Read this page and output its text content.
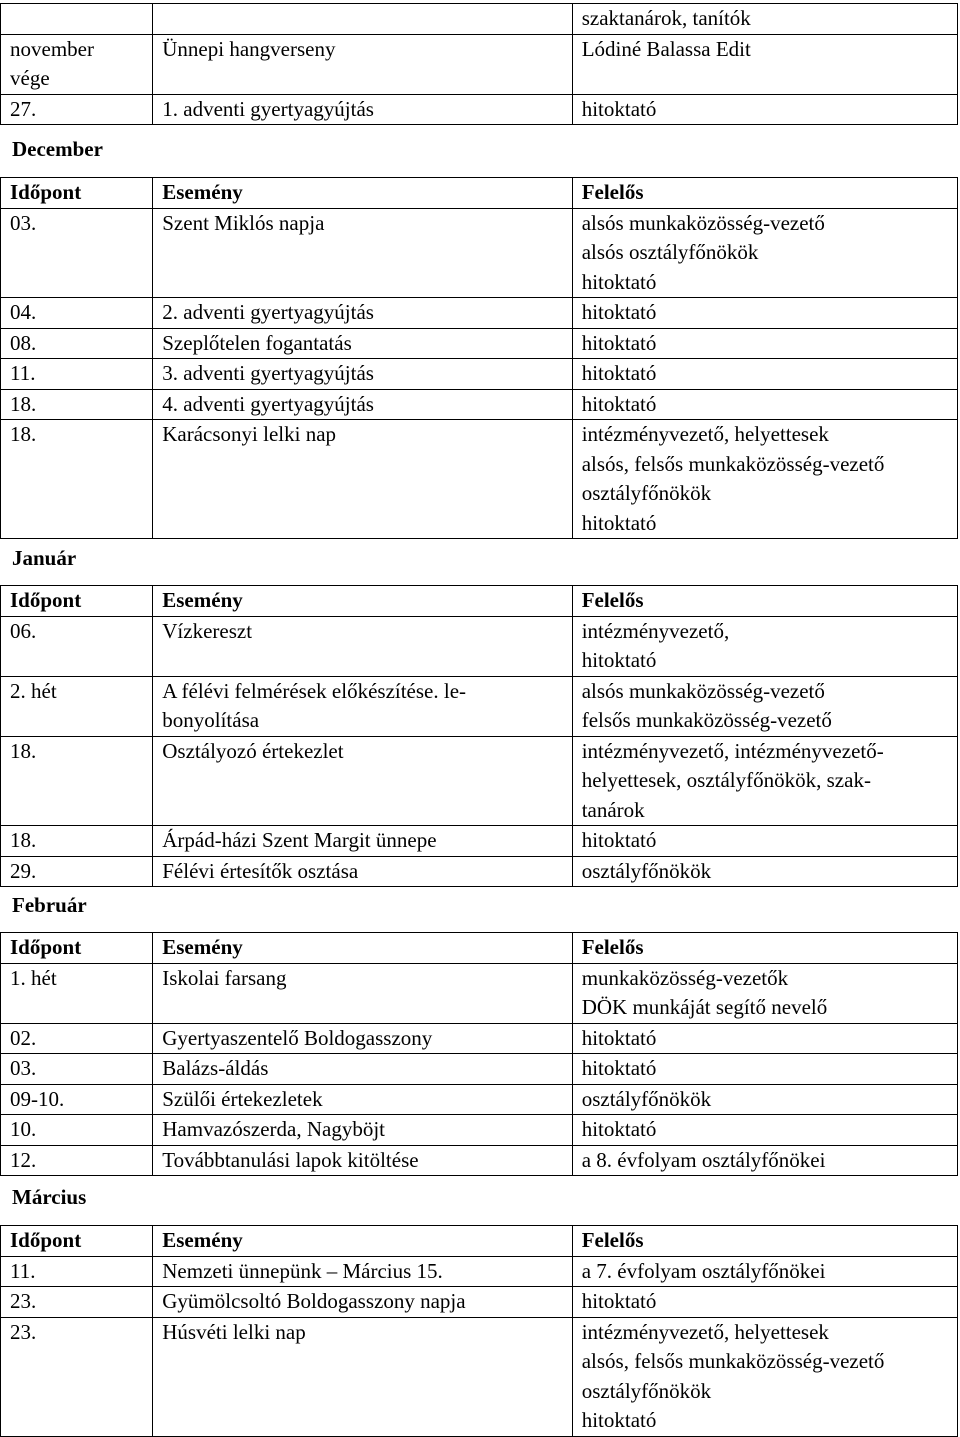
		szaktanárok, tanítók

november
vége	Ünnepi hangverseny	Lódiné Balassa Edit

27.	1. adventi gyertyagyújtás	hitoktató
December
Időpont	Esemény	Felelős
03.	Szent Miklós napja	alsós munkaközösség-vezető
alsós osztályfőnökök
hitoktató

04.	2. adventi gyertyagyújtás	hitoktató

08.	Szeplőtelen fogantatás	hitoktató

11.	3. adventi gyertyagyújtás	hitoktató

18.	4. adventi gyertyagyújtás	hitoktató

18.	Karácsonyi lelki nap	intézményvezető, helyettesek
alsós, felsős munkaközösség-vezető
osztályfőnökök
hitoktató
Január
Időpont	Esemény	Felelős
06.	Vízkereszt	intézményvezető,
hitoktató

2. hét	A félévi felmérések előkészítése. le-
bonyolítása	alsós munkaközösség-vezető
felsős munkaközösség-vezető

18.	Osztályozó értekezlet	intézményvezető, intézményvezető-
helyettesek, osztályfőnökök, szak-
tanárok

18.	Árpád-házi Szent Margit ünnepe	hitoktató

29.	Félévi értesítők osztása	osztályfőnökök
Február
Időpont	Esemény	Felelős
1. hét	Iskolai farsang	munkaközösség-vezetők
DÖK munkáját segítő nevelő

02.	Gyertyaszentelő Boldogasszony	hitoktató

03.	Balázs-áldás	hitoktató

09-10.	Szülői értekezletek	osztályfőnökök

10.	Hamvazószerda, Nagyböjt	hitoktató

12.	Továbbtanulási lapok kitöltése	a 8. évfolyam osztályfőnökei
Március
Időpont	Esemény	Felelős
11.	Nemzeti ünnepünk – Március 15.	a 7. évfolyam osztályfőnökei

23.	Gyümölcsoltó Boldogasszony napja	hitoktató

23.	Húsvéti lelki nap	intézményvezető, helyettesek
alsós, felsős munkaközösség-vezető
osztályfőnökök
hitoktató
